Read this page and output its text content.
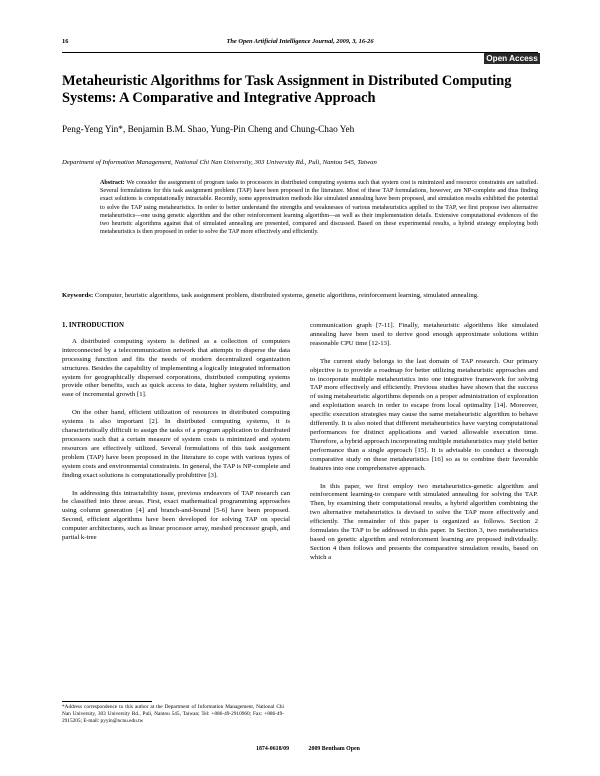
16	The Open Artificial Intelligence Journal, 2009, 3, 16-26
Open Access
Metaheuristic Algorithms for Task Assignment in Distributed Computing Systems: A Comparative and Integrative Approach
Peng-Yeng Yin*, Benjamin B.M. Shao, Yung-Pin Cheng and Chung-Chao Yeh
Department of Information Management, National Chi Nan University, 303 University Rd., Puli, Nantou 545, Taiwan
Abstract: We consider the assignment of program tasks to processors in distributed computing systems such that system cost is minimized and resource constraints are satisfied. Several formulations for this task assignment problem (TAP) have been proposed in the literature. Most of these TAP formulations, however, are NP-complete and thus finding exact solutions is computationally intractable. Recently, some approximation methods like simulated annealing have been proposed, and simulation results exhibited the potential to solve the TAP using metaheuristics. In order to better understand the strengths and weaknesses of various metaheuristics applied to the TAP, we first propose two alternative metaheuristics—one using genetic algorithm and the other reinforcement learning algorithm—as well as their implementation details. Extensive computational evidences of the two heuristic algorithms against that of simulated annealing are presented, compared and discussed. Based on these experimental results, a hybrid strategy employing both metaheuristics is then proposed in order to solve the TAP more effectively and efficiently.
Keywords: Computer, heuristic algorithms, task assignment problem, distributed systems, genetic algorithms, reinforcement learning, simulated annealing.
1. INTRODUCTION

A distributed computing system is defined as a collection of computers interconnected by a telecommunication network that attempts to disperse the data processing function and fits the needs of modern decentralized organization structures. Besides the capability of implementing a logically integrated information system for geographically dispersed corporations, distributed computing systems provide other benefits, such as quick access to data, higher system reliability, and ease of incremental growth [1].

On the other hand, efficient utilization of resources in distributed computing systems is also important [2]. In distributed computing systems, it is characteristically difficult to assign the tasks of a program application to distributed processors such that a certain measure of system costs is minimized and system resources are effectively utilized. Several formulations of this task assignment problem (TAP) have been proposed in the literature to cope with various types of system costs and environmental constraints. In general, the TAP is NP-complete and finding exact solutions is computationally prohibitive [3].

In addressing this intractability issue, previous endeavors of TAP research can be classified into three areas. First, exact mathematical programming approaches using column generation [4] and branch-and-bound [5-6] have been proposed. Second, efficient algorithms have been developed for solving TAP on special computer architectures, such as linear processor array, meshed processor graph, and partial k-tree

communication graph [7-11]. Finally, metaheuristic algorithms like simulated annealing have been used to derive good enough approximate solutions within reasonable CPU time [12-13].

The current study belongs to the last domain of TAP research. Our primary objective is to provide a roadmap for better utilizing metaheuristic approaches and to incorporate multiple metaheuristics into one integrative framework for solving TAP more effectively and efficiently. Previous studies have shown that the success of using metaheuristic algorithms depends on a proper administration of exploration and exploitation search in order to escape from local optimality [14]. Moreover, specific execution strategies may cause the same metaheuristic algorithm to behave differently. It is also noted that different metaheuristics have varying computational performances for distinct applications and varied allowable execution time. Therefore, a hybrid approach incorporating multiple metaheuristics may yield better performance than a single approach [15]. It is advisable to conduct a thorough comparative study on these metaheuristics [16] so as to combine their favorable features into one comprehensive approach.

In this paper, we first employ two metaheuristics-genetic algorithm and reinforcement learning-to compare with simulated annealing for solving the TAP. Then, by examining their computational results, a hybrid algorithm combining the two alternative metaheuristics is devised to solve the TAP more effectively and efficiently. The remainder of this paper is organized as follows. Section 2 formulates the TAP to be addressed in this paper. In Section 3, two metaheuristics based on genetic algorithm and reinforcement learning are proposed individually. Section 4 then follows and presents the comparative simulation results, based on which a

*Address correspondence to this author at the Department of Information Management, National Chi Nan University, 303 University Rd., Puli, Nantou 545, Taiwan; Tel: +886-49-2910960; Fax: +886-49-2915205; E-mail: pyyin@ncnu.edu.tw
1874-0618/09	2009 Bentham Open
